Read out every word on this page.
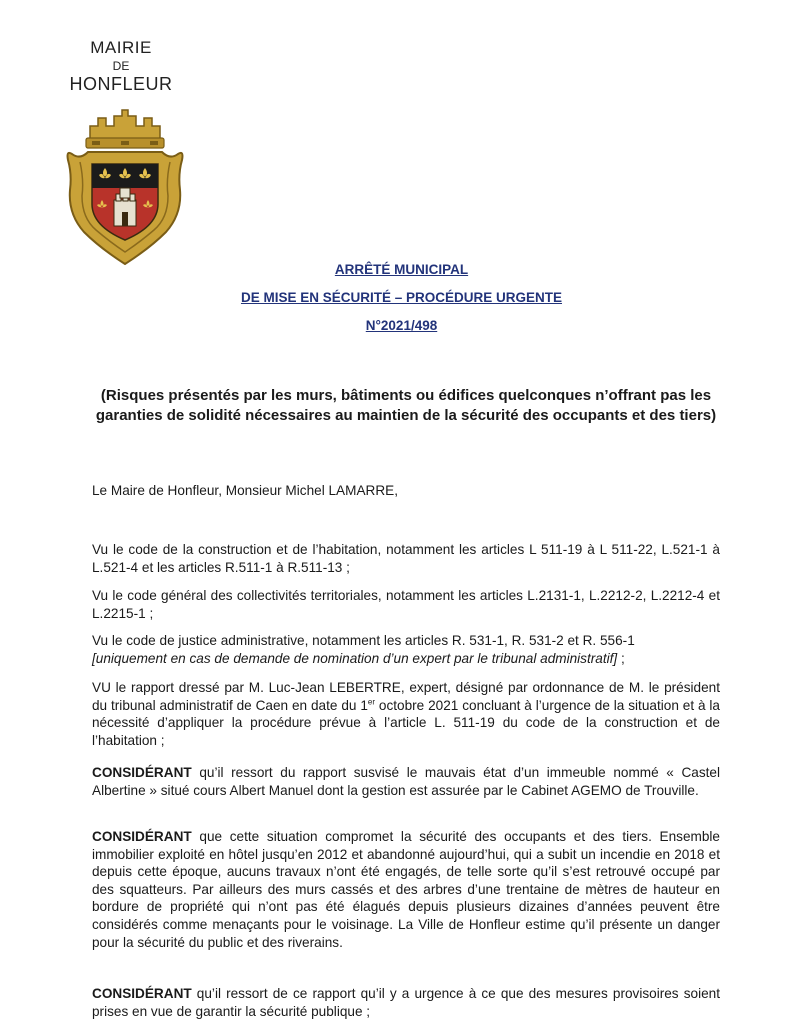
MAIRIE
DE
HONFLEUR
ARRÊTÉ MUNICIPAL
DE MISE EN SÉCURITÉ – PROCÉDURE URGENTE
N°2021/498
(Risques présentés par les murs, bâtiments ou édifices quelconques n’offrant pas les garanties de solidité nécessaires au maintien de la sécurité des occupants et des tiers)
Le Maire de Honfleur, Monsieur Michel LAMARRE,
Vu le code de la construction et de l’habitation, notamment les articles L 511-19 à L 511-22, L.521-1 à L.521-4 et les articles R.511-1 à R.511-13 ;
Vu le code général des collectivités territoriales, notamment les articles L.2131-1, L.2212-2, L.2212-4 et L.2215-1 ;
Vu le code de justice administrative, notamment les articles R. 531-1, R. 531-2 et R. 556-1
[uniquement en cas de demande de nomination d’un expert par le tribunal administratif] ;
VU le rapport dressé par M. Luc-Jean LEBERTRE, expert, désigné par ordonnance de M. le président du tribunal administratif de Caen en date du 1er octobre 2021 concluant à l’urgence de la situation et à la nécessité d’appliquer la procédure prévue à l’article L. 511-19 du code de la construction et de l’habitation ;
CONSIDÉRANT qu’il ressort du rapport susvisé le mauvais état d’un immeuble nommé « Castel Albertine » situé cours Albert Manuel dont la gestion est assurée par le Cabinet AGEMO de Trouville.
CONSIDÉRANT que cette situation compromet la sécurité des occupants et des tiers. Ensemble immobilier exploité en hôtel jusqu’en 2012 et abandonné aujourd’hui, qui a subit un incendie en 2018 et depuis cette époque, aucuns travaux n’ont été engagés, de telle sorte qu’il s’est retrouvé occupé par des squatteurs. Par ailleurs des murs cassés et des arbres d’une trentaine de mètres de hauteur en bordure de propriété qui n’ont pas été élagués depuis plusieurs dizaines d’années peuvent être considérés comme menaçants pour le voisinage. La Ville de Honfleur estime qu’il présente un danger pour la sécurité du public et des riverains.
CONSIDÉRANT qu’il ressort de ce rapport qu’il y a urgence à ce que des mesures provisoires soient prises en vue de garantir la sécurité publique ;
